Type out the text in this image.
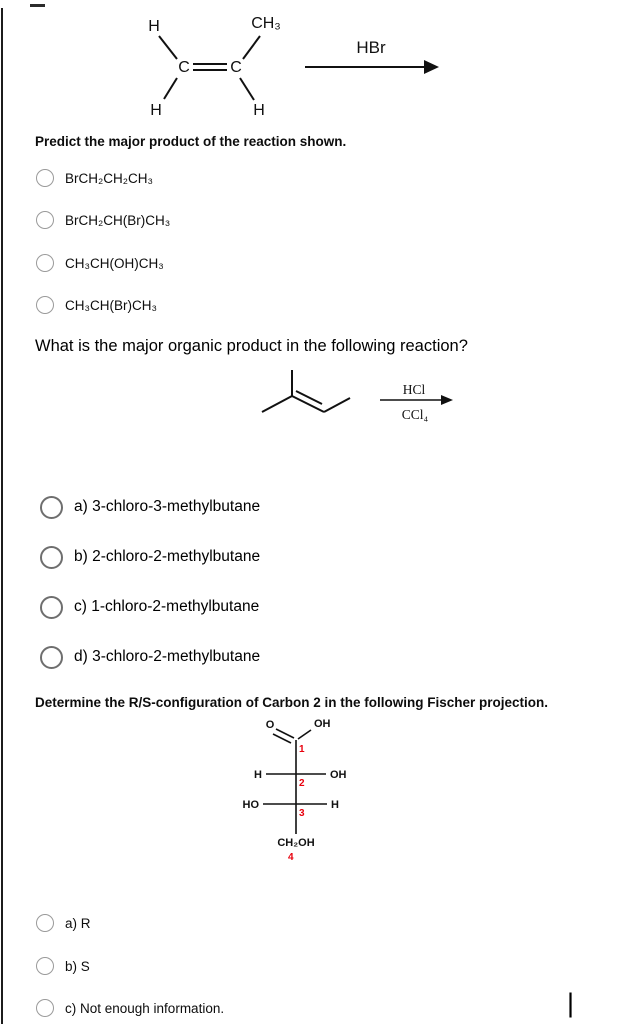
H	CH₃
C	C
H	H
HBr
Predict the major product of the reaction shown.
BrCH₂CH₂CH₃
BrCH₂CH(Br)CH₃
CH₃CH(OH)CH₃
CH₃CH(Br)CH₃
What is the major organic product in the following reaction?
HCl
CCl₄
a) 3-chloro-3-methylbutane
b) 2-chloro-2-methylbutane
c) 1-chloro-2-methylbutane
d) 3-chloro-2-methylbutane
Determine the R/S-configuration of Carbon 2 in the following Fischer projection.
O	OH
H	OH
HO	H
CH₂OH
1
2
3
4
a) R
b) S
c) Not enough information.	|
